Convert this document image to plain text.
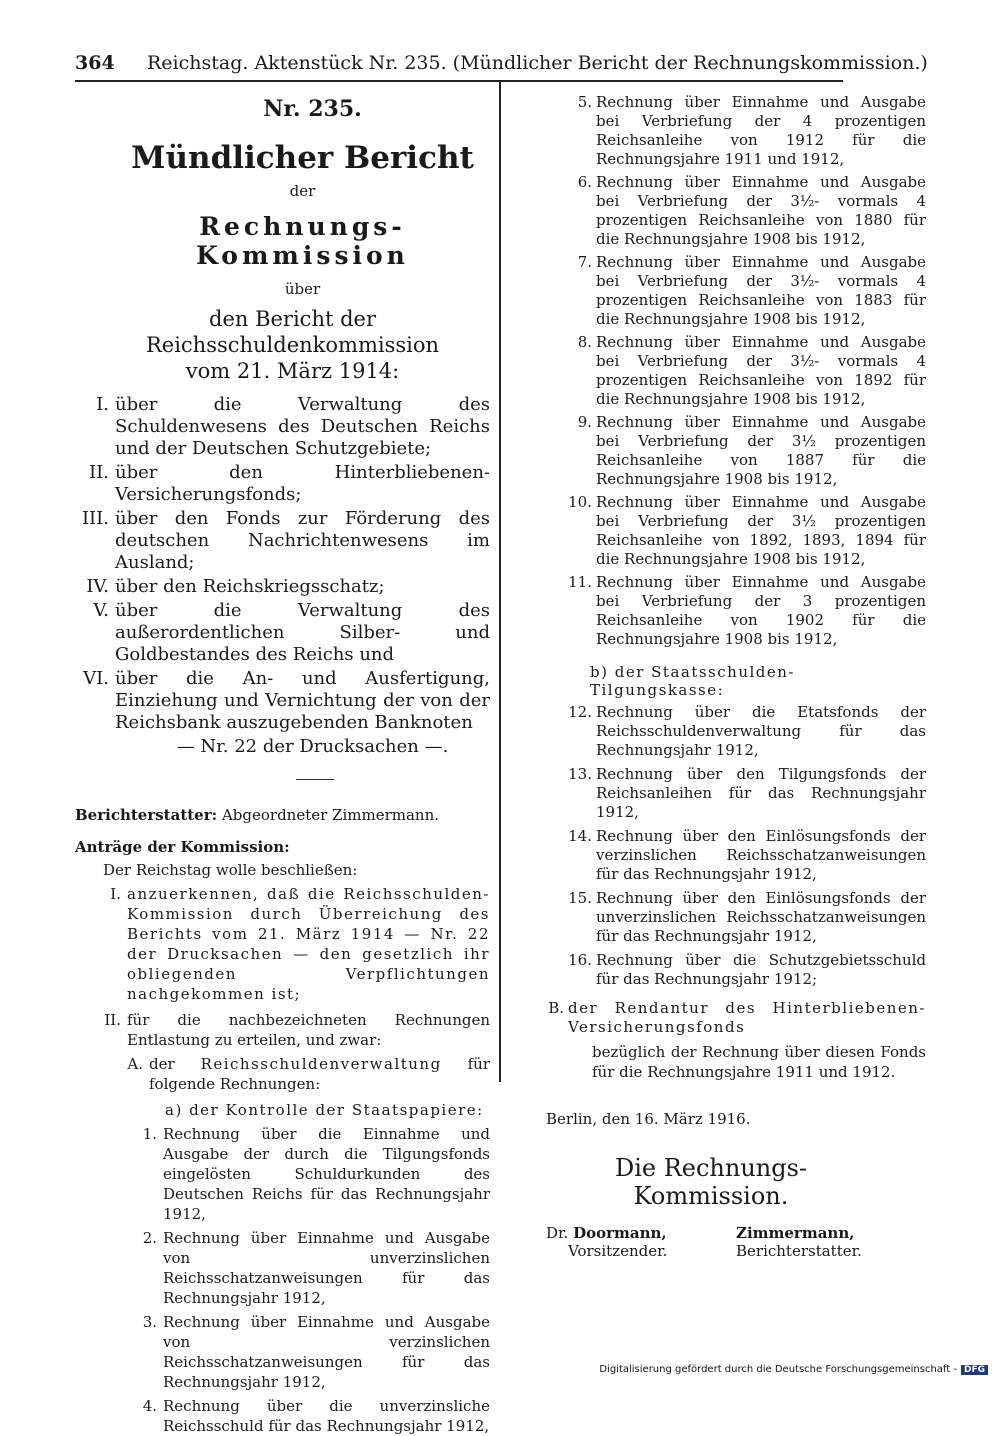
364 Reichstag. Aktenstück Nr. 235. (Mündlicher Bericht der Rechnungskommission.)
Nr. 235.
Mündlicher Bericht
der
Rechnungs-Kommission
über
den Bericht der Reichsschuldenkommission
vom 21. März 1914:
I. über die Verwaltung des Schuldenwesens des Deutschen Reichs und der Deutschen Schutzgebiete;
II. über den Hinterbliebenen-Versicherungsfonds;
III. über den Fonds zur Förderung des deutschen Nachrichtenwesens im Ausland;
IV. über den Reichskriegsschatz;
V. über die Verwaltung des außerordentlichen Silber- und Goldbestandes des Reichs und
VI. über die An- und Ausfertigung, Einziehung und Vernichtung der von der Reichsbank auszugebenden Banknoten
— Nr. 22 der Drucksachen —.
Berichterstatter: Abgeordneter Zimmermann.
Anträge der Kommission:
Der Reichstag wolle beschließen:
I. anzuerkennen, daß die Reichsschulden-Kommission durch Überreichung des Berichts vom 21. März 1914 — Nr. 22 der Drucksachen — den gesetzlich ihr obliegenden Verpflichtungen nachgekommen ist;
II. für die nachbezeichneten Rechnungen Entlastung zu erteilen, und zwar:
A. der Reichsschuldenverwaltung für folgende Rechnungen:
a) der Kontrolle der Staatspapiere:
1. Rechnung über die Einnahme und Ausgabe der durch die Tilgungsfonds eingelösten Schuldurkunden des Deutschen Reichs für das Rechnungsjahr 1912,
2. Rechnung über Einnahme und Ausgabe von unverzinslichen Reichsschatzanweisungen für das Rechnungsjahr 1912,
3. Rechnung über Einnahme und Ausgabe von verzinslichen Reichsschatzanweisungen für das Rechnungsjahr 1912,
4. Rechnung über die unverzinsliche Reichsschuld für das Rechnungsjahr 1912,
5. Rechnung über Einnahme und Ausgabe bei Verbriefung der 4 prozentigen Reichsanleihe von 1912 für die Rechnungsjahre 1911 und 1912,
6. Rechnung über Einnahme und Ausgabe bei Verbriefung der 3½- vormals 4 prozentigen Reichsanleihe von 1880 für die Rechnungsjahre 1908 bis 1912,
7. Rechnung über Einnahme und Ausgabe bei Verbriefung der 3½- vormals 4 prozentigen Reichsanleihe von 1883 für die Rechnungsjahre 1908 bis 1912,
8. Rechnung über Einnahme und Ausgabe bei Verbriefung der 3½- vormals 4 prozentigen Reichsanleihe von 1892 für die Rechnungsjahre 1908 bis 1912,
9. Rechnung über Einnahme und Ausgabe bei Verbriefung der 3½ prozentigen Reichsanleihe von 1887 für die Rechnungsjahre 1908 bis 1912,
10. Rechnung über Einnahme und Ausgabe bei Verbriefung der 3½ prozentigen Reichsanleihe von 1892, 1893, 1894 für die Rechnungsjahre 1908 bis 1912,
11. Rechnung über Einnahme und Ausgabe bei Verbriefung der 3 prozentigen Reichsanleihe von 1902 für die Rechnungsjahre 1908 bis 1912,
b) der Staatsschulden-Tilgungskasse:
12. Rechnung über die Etatsfonds der Reichsschuldenverwaltung für das Rechnungsjahr 1912,
13. Rechnung über den Tilgungsfonds der Reichsanleihen für das Rechnungsjahr 1912,
14. Rechnung über den Einlösungsfonds der verzinslichen Reichsschatzanweisungen für das Rechnungsjahr 1912,
15. Rechnung über den Einlösungsfonds der unverzinslichen Reichsschatzanweisungen für das Rechnungsjahr 1912,
16. Rechnung über die Schutzgebietsschuld für das Rechnungsjahr 1912;
B. der Rendantur des Hinterbliebenen-Versicherungsfonds
bezüglich der Rechnung über diesen Fonds für die Rechnungsjahre 1911 und 1912.
Berlin, den 16. März 1916.
Die Rechnungs-Kommission.
Dr. Doormann,
Vorsitzender.
Zimmermann,
Berichterstatter.
Digitalisierung gefördert durch die Deutsche Forschungsgemeinschaft - DFG
